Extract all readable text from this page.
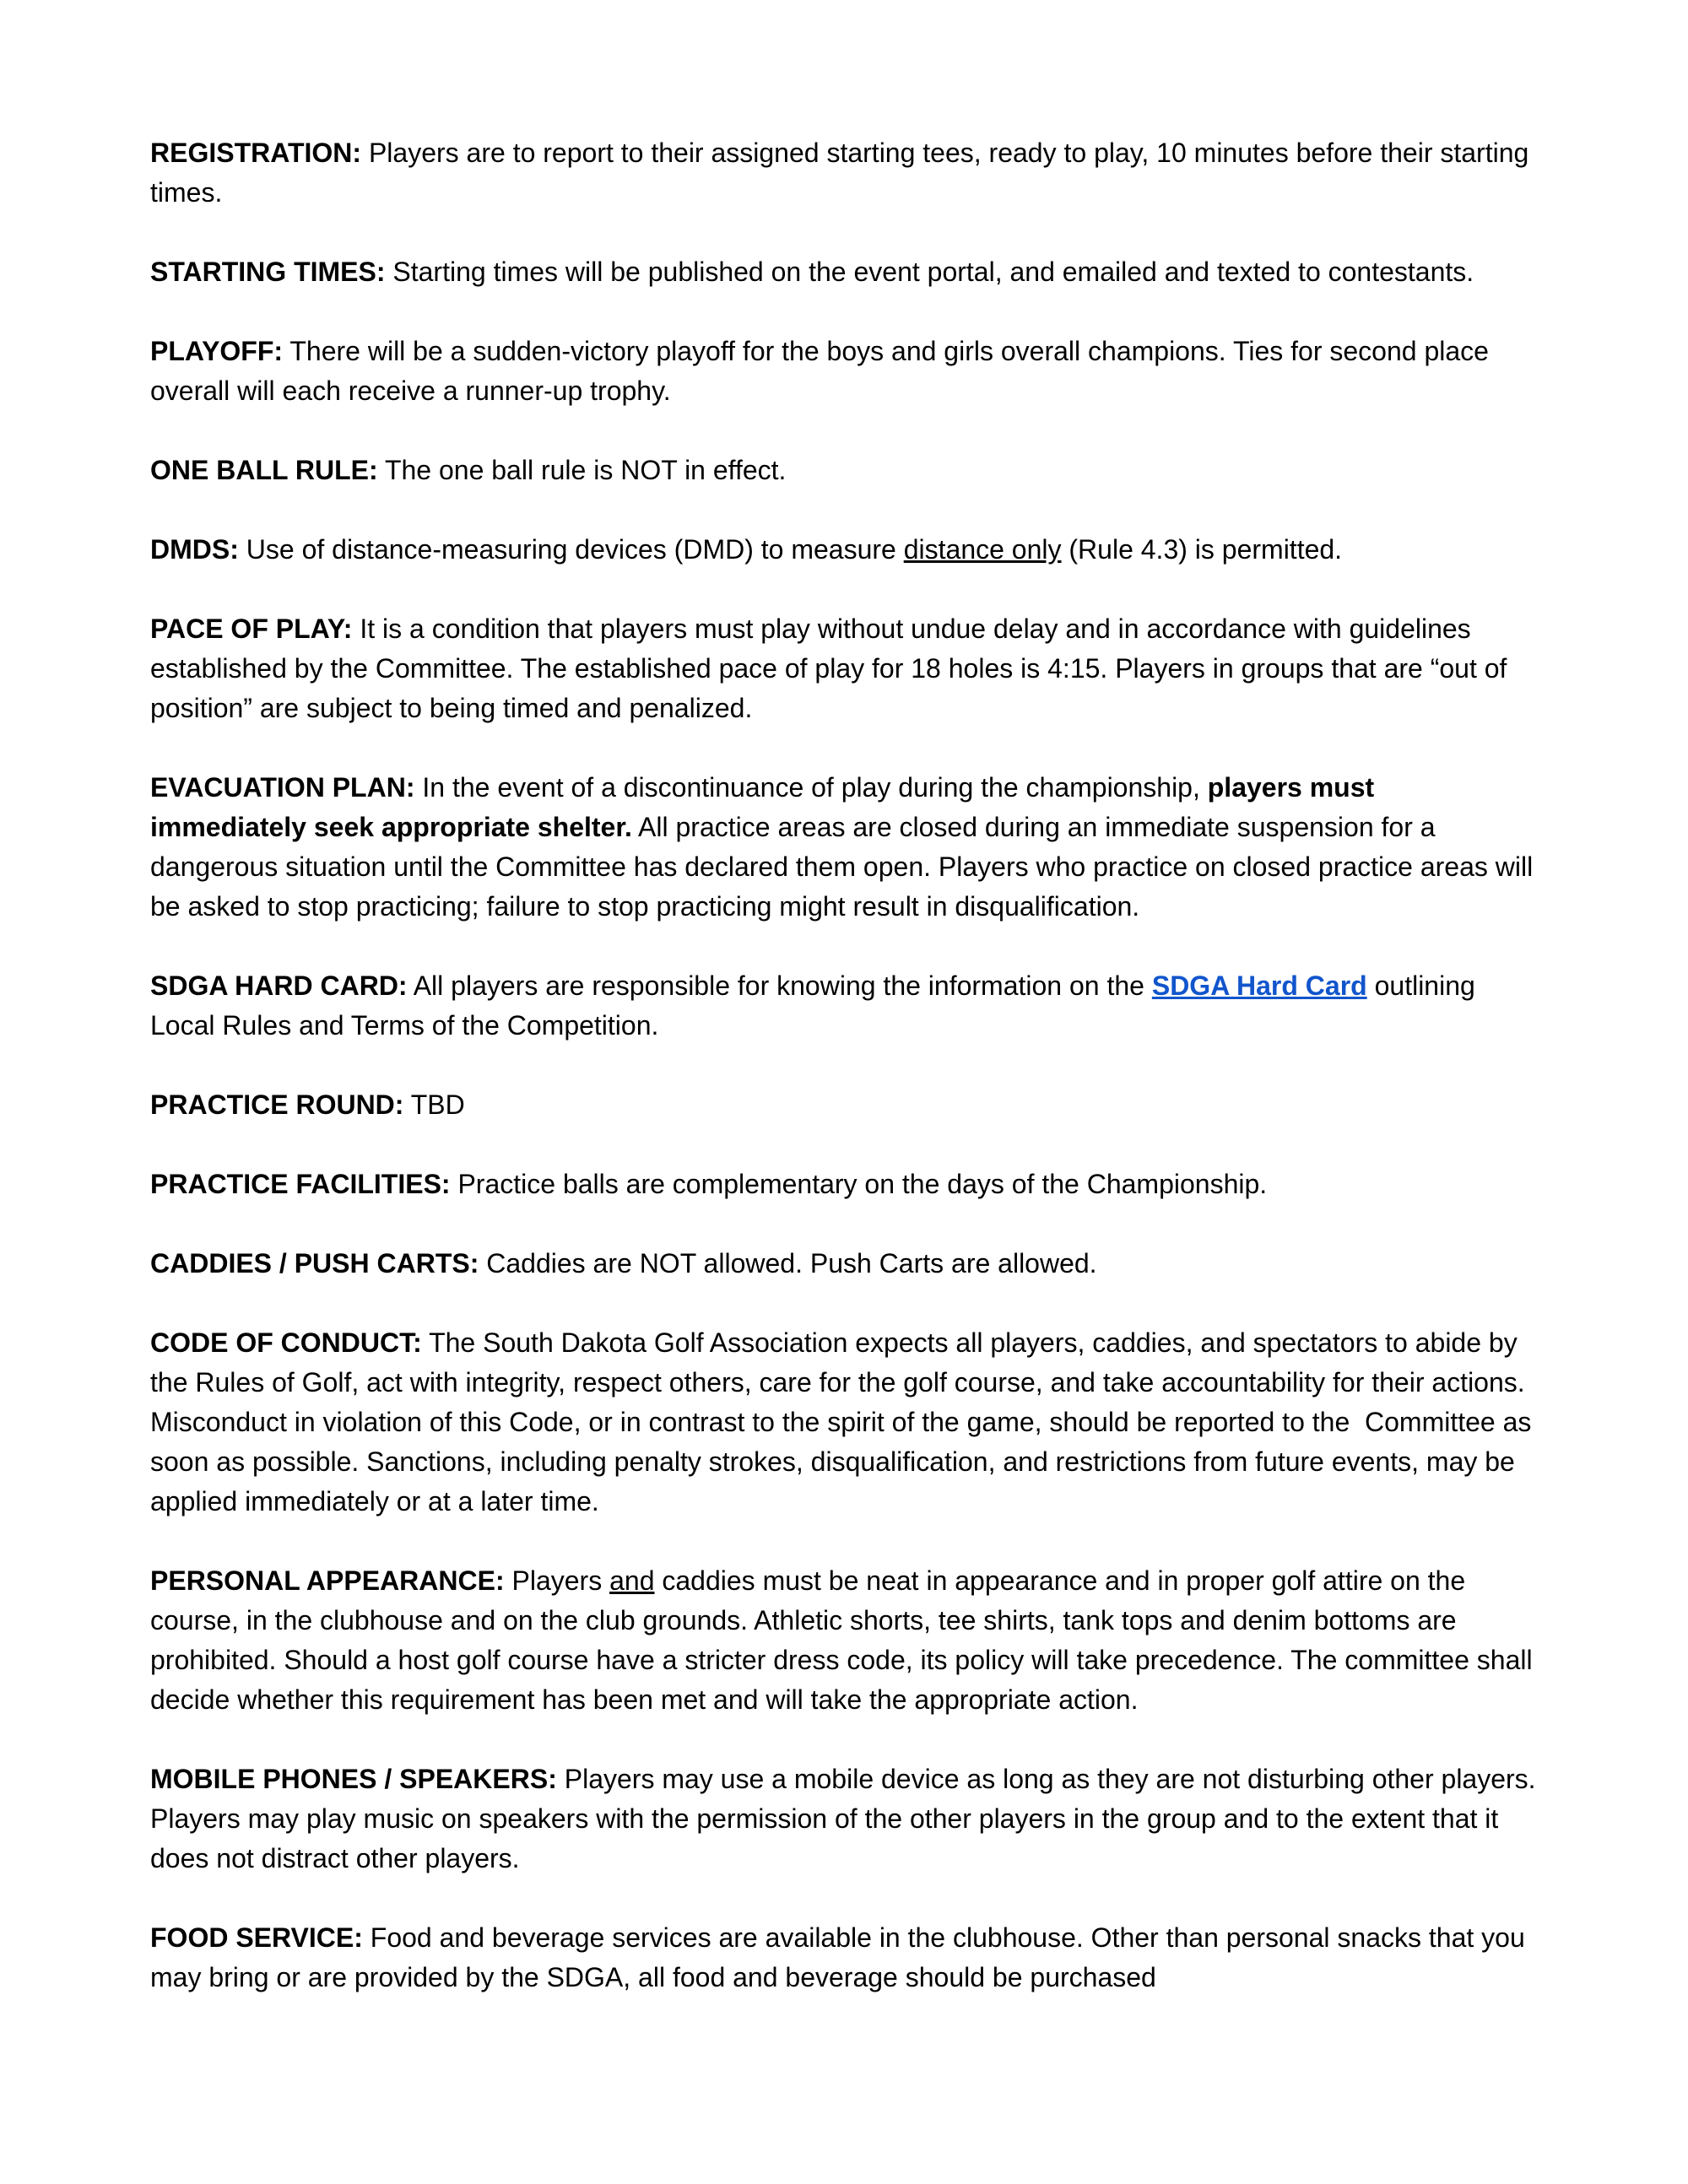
REGISTRATION: Players are to report to their assigned starting tees, ready to play, 10 minutes before their starting times.

STARTING TIMES: Starting times will be published on the event portal, and emailed and texted to contestants.

PLAYOFF: There will be a sudden-victory playoff for the boys and girls overall champions. Ties for second place overall will each receive a runner-up trophy.

ONE BALL RULE: The one ball rule is NOT in effect.

DMDS: Use of distance-measuring devices (DMD) to measure distance only (Rule 4.3) is permitted.

PACE OF PLAY: It is a condition that players must play without undue delay and in accordance with guidelines established by the Committee. The established pace of play for 18 holes is 4:15. Players in groups that are “out of position” are subject to being timed and penalized.

EVACUATION PLAN: In the event of a discontinuance of play during the championship, players must immediately seek appropriate shelter. All practice areas are closed during an immediate suspension for a dangerous situation until the Committee has declared them open. Players who practice on closed practice areas will be asked to stop practicing; failure to stop practicing might result in disqualification.

SDGA HARD CARD: All players are responsible for knowing the information on the SDGA Hard Card outlining Local Rules and Terms of the Competition.

PRACTICE ROUND: TBD

PRACTICE FACILITIES: Practice balls are complementary on the days of the Championship.

CADDIES / PUSH CARTS: Caddies are NOT allowed. Push Carts are allowed.

CODE OF CONDUCT: The South Dakota Golf Association expects all players, caddies, and spectators to abide by the Rules of Golf, act with integrity, respect others, care for the golf course, and take accountability for their actions. Misconduct in violation of this Code, or in contrast to the spirit of the game, should be reported to the  Committee as soon as possible. Sanctions, including penalty strokes, disqualification, and restrictions from future events, may be applied immediately or at a later time.

PERSONAL APPEARANCE: Players and caddies must be neat in appearance and in proper golf attire on the course, in the clubhouse and on the club grounds. Athletic shorts, tee shirts, tank tops and denim bottoms are prohibited. Should a host golf course have a stricter dress code, its policy will take precedence. The committee shall decide whether this requirement has been met and will take the appropriate action.

MOBILE PHONES / SPEAKERS: Players may use a mobile device as long as they are not disturbing other players. Players may play music on speakers with the permission of the other players in the group and to the extent that it does not distract other players.

FOOD SERVICE: Food and beverage services are available in the clubhouse. Other than personal snacks that you may bring or are provided by the SDGA, all food and beverage should be purchased
